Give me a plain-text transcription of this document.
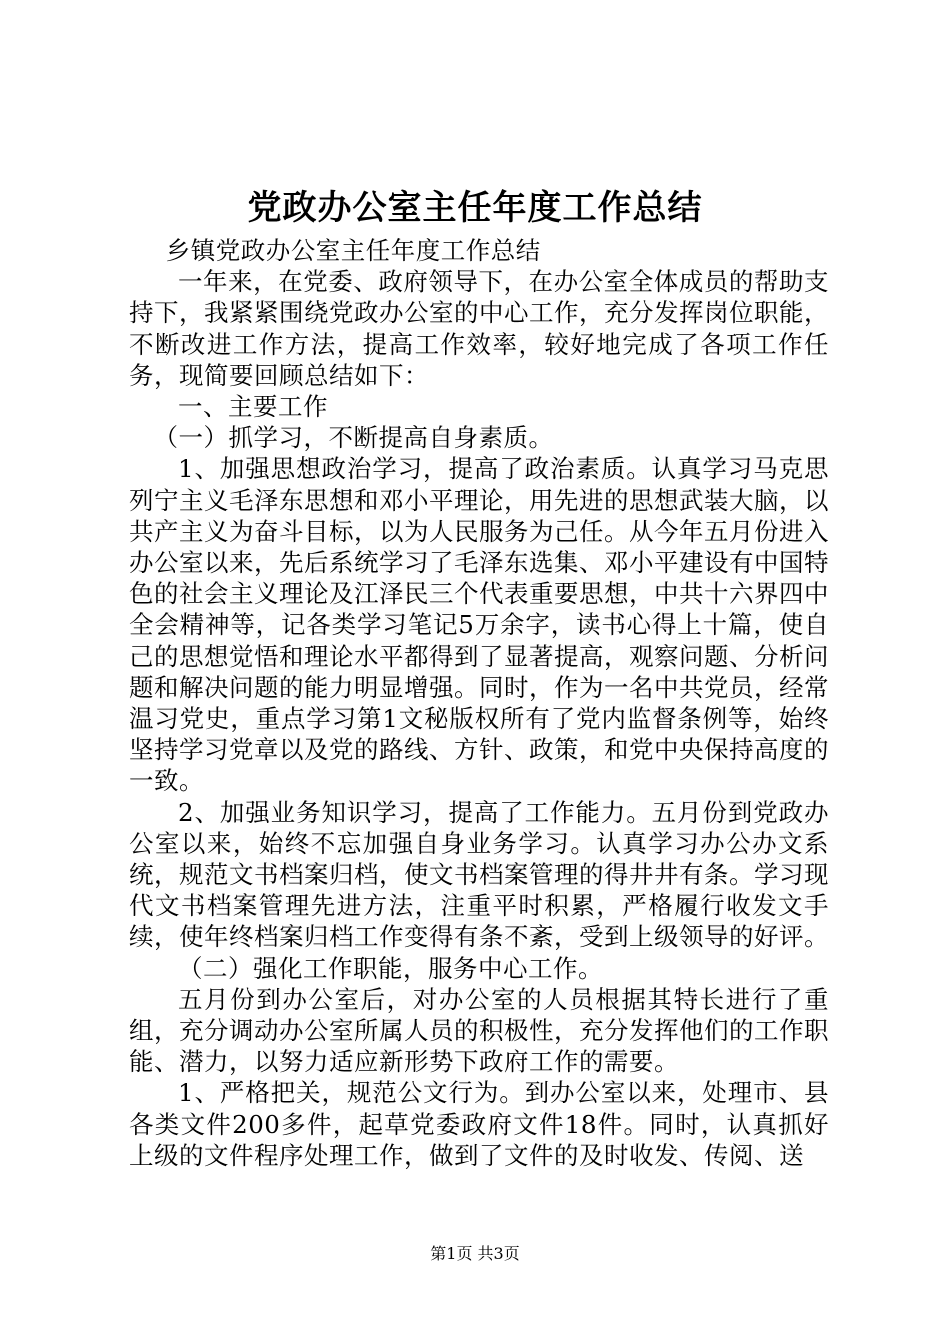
党政办公室主任年度工作总结

乡镇党政办公室主任年度工作总结

一年来，在党委、政府领导下，在办公室全体成员的帮助支持下，我紧紧围绕党政办公室的中心工作，充分发挥岗位职能，不断改进工作方法，提高工作效率，较好地完成了各项工作任务，现简要回顾总结如下：

一、主要工作

（一）抓学习，不断提高自身素质。

1、加强思想政治学习，提高了政治素质。认真学习马克思列宁主义毛泽东思想和邓小平理论，用先进的思想武装大脑，以共产主义为奋斗目标，以为人民服务为己任。从今年五月份进入办公室以来，先后系统学习了毛泽东选集、邓小平建设有中国特色的社会主义理论及江泽民三个代表重要思想，中共十六界四中全会精神等，记各类学习笔记5万余字，读书心得上十篇，使自己的思想觉悟和理论水平都得到了显著提高，观察问题、分析问题和解决问题的能力明显增强。同时，作为一名中共党员，经常温习党史，重点学习第1文秘版权所有了党内监督条例等，始终坚持学习党章以及党的路线、方针、政策，和党中央保持高度的一致。

2、加强业务知识学习，提高了工作能力。五月份到党政办公室以来，始终不忘加强自身业务学习。认真学习办公办文系统，规范文书档案归档，使文书档案管理的得井井有条。学习现代文书档案管理先进方法，注重平时积累，严格履行收发文手续，使年终档案归档工作变得有条不紊，受到上级领导的好评。

（二）强化工作职能，服务中心工作。

五月份到办公室后，对办公室的人员根据其特长进行了重组，充分调动办公室所属人员的积极性，充分发挥他们的工作职能、潜力，以努力适应新形势下政府工作的需要。

1、严格把关，规范公文行为。到办公室以来，处理市、县各类文件200多件，起草党委政府文件18件。同时，认真抓好上级的文件程序处理工作，做到了文件的及时收发、传阅、送

第1页 共3页
